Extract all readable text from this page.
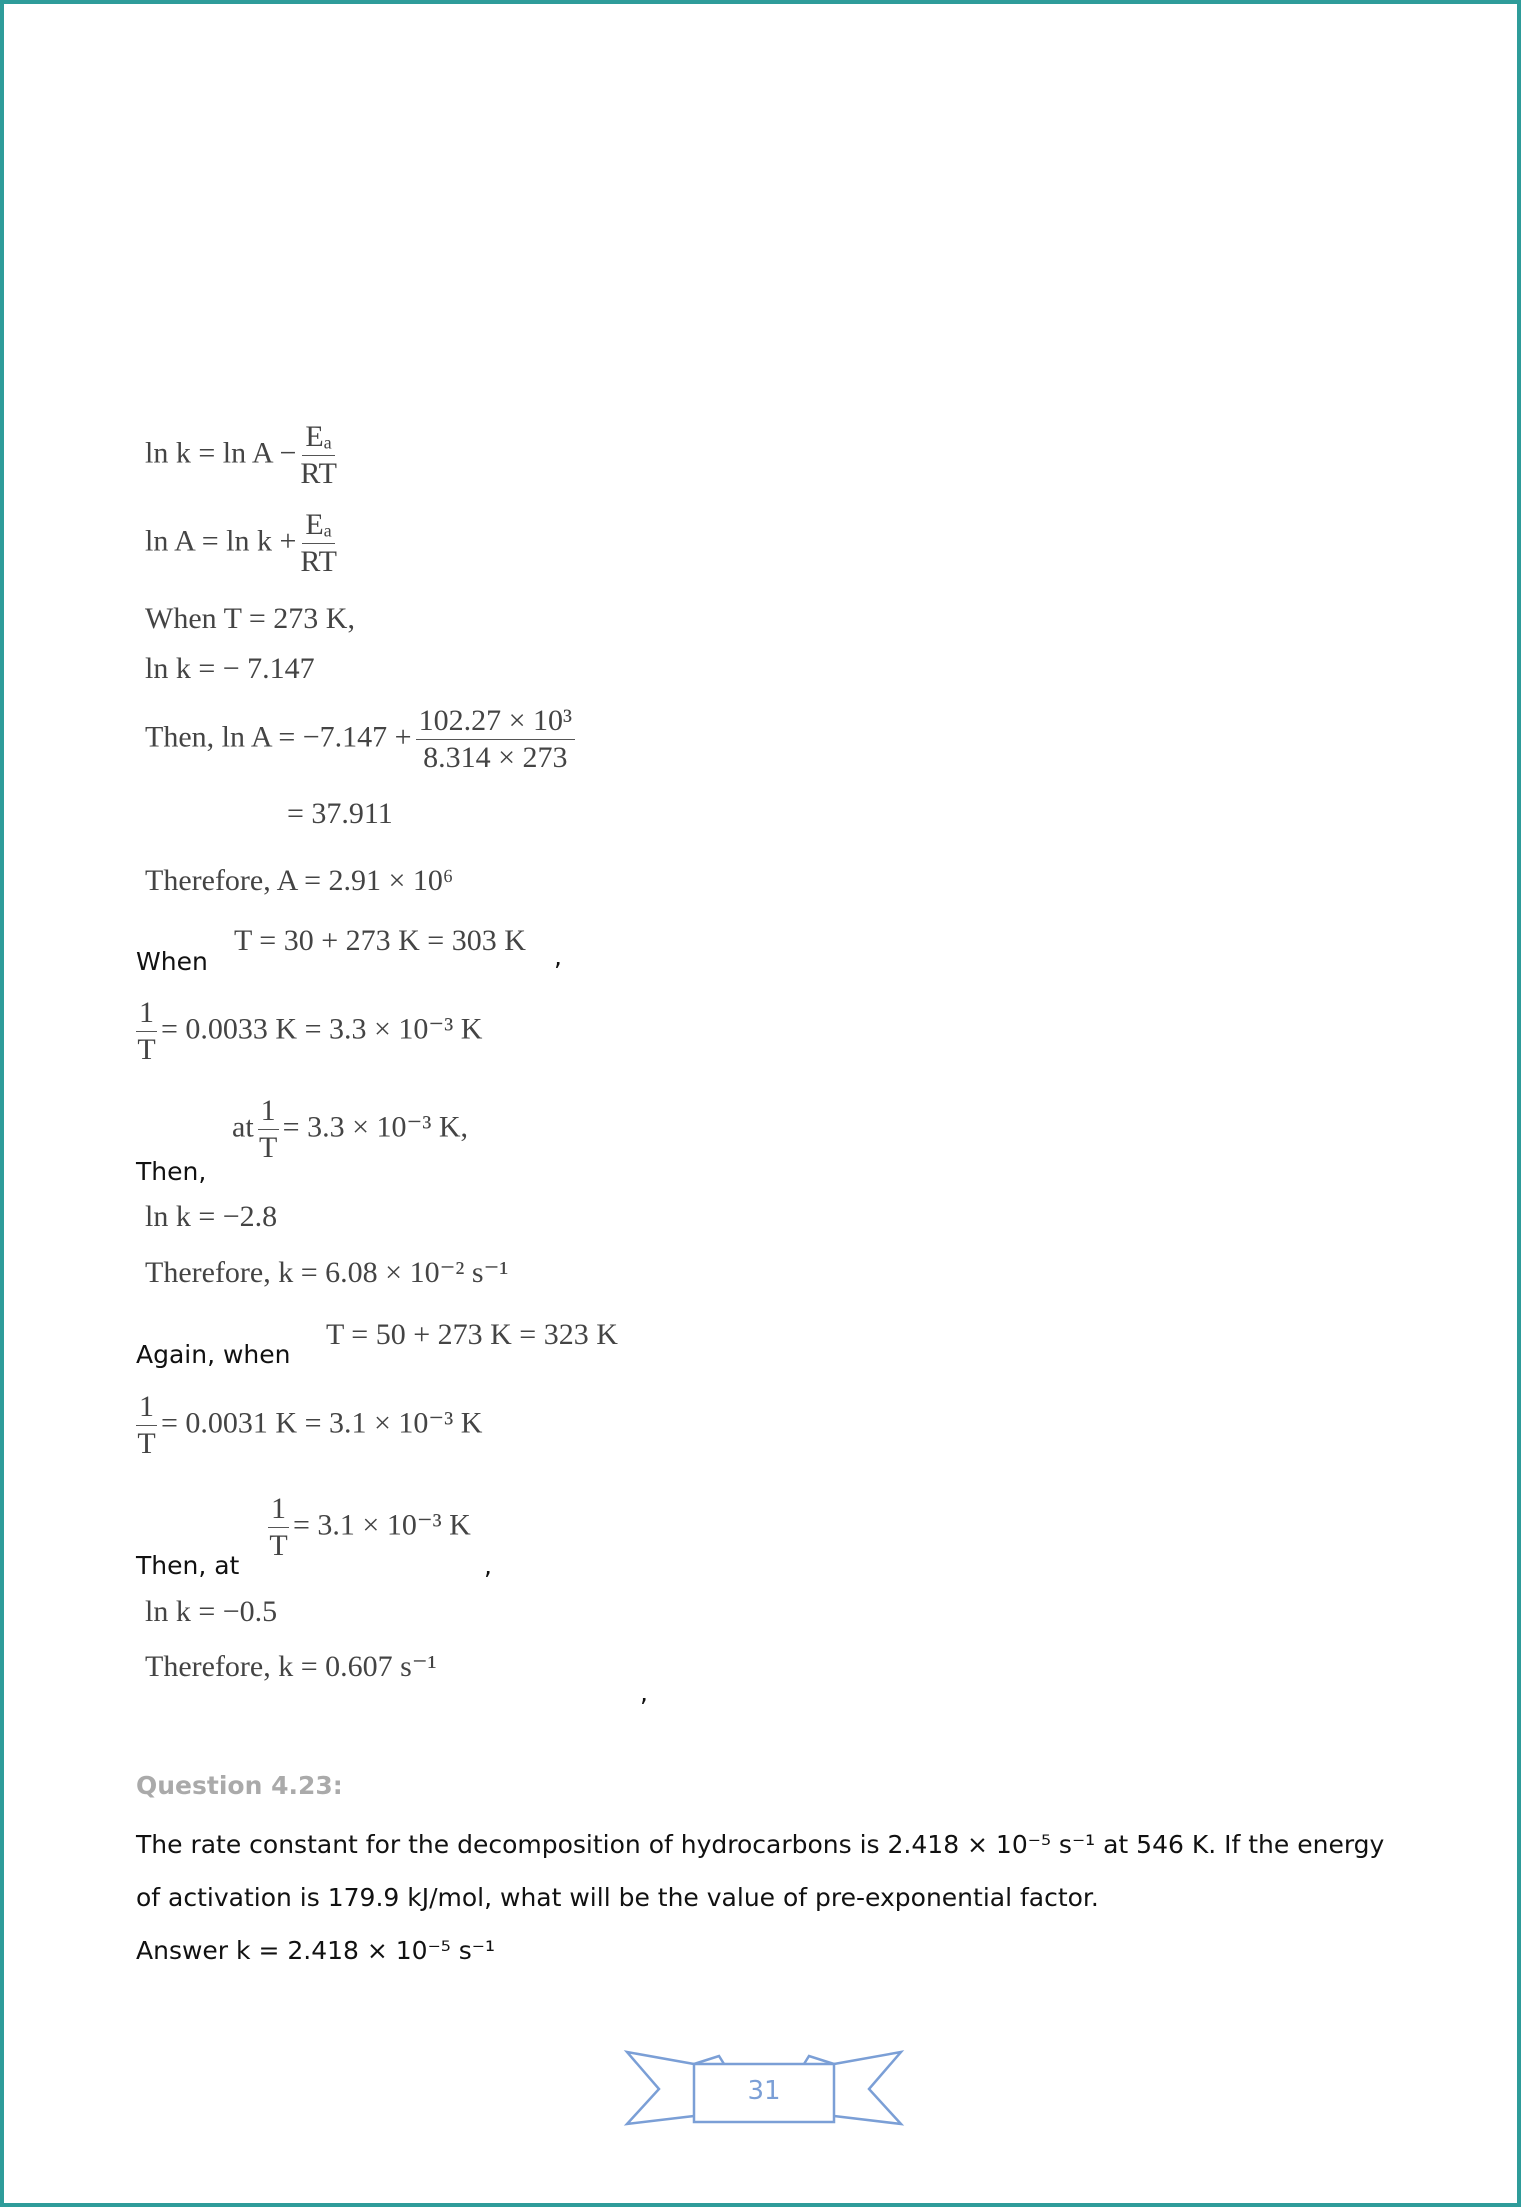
$\ln k = \ln A - \frac{\text{Eₐ}}{RT}$
$\ln A = \ln k + \frac{\text{Eₐ}}{RT}$
When T = 273 K,
ln k = − 7.147
Then, $\ln A = -7.147 + \frac{\text{102.27 × 10³}}{8.314 \times 273}$
= 37.911
Therefore, A = 2.91 × 10⁶
When
T = 30 + 273 K = 303 K ,
$\frac{1}{T} = 0.0033$ K = 3.3 × 10⁻³ K
at $\frac{1}{T} = 3.3 \times 10^{-3}$ K,
Then,
ln k = −2.8
Therefore, k = 6.08 × 10⁻² s⁻¹
Again, when
T = 50 + 273 K = 323 K
$\frac{1}{T} = 0.0031$ K = 3.1 × 10⁻³ K
$\frac{1}{T} = 3.1 \times 10^{-3}$ K
Then, at	,
ln k = −0.5
Therefore, k = 0.607 s⁻¹
,
Question 4.23:
The rate constant for the decomposition of hydrocarbons is 2.418 × 10⁻⁵ s⁻¹ at 546 K. If the energy of activation is 179.9 kJ/mol, what will be the value of pre-exponential factor.
Answer k = 2.418 × 10⁻⁵ s⁻¹
31
